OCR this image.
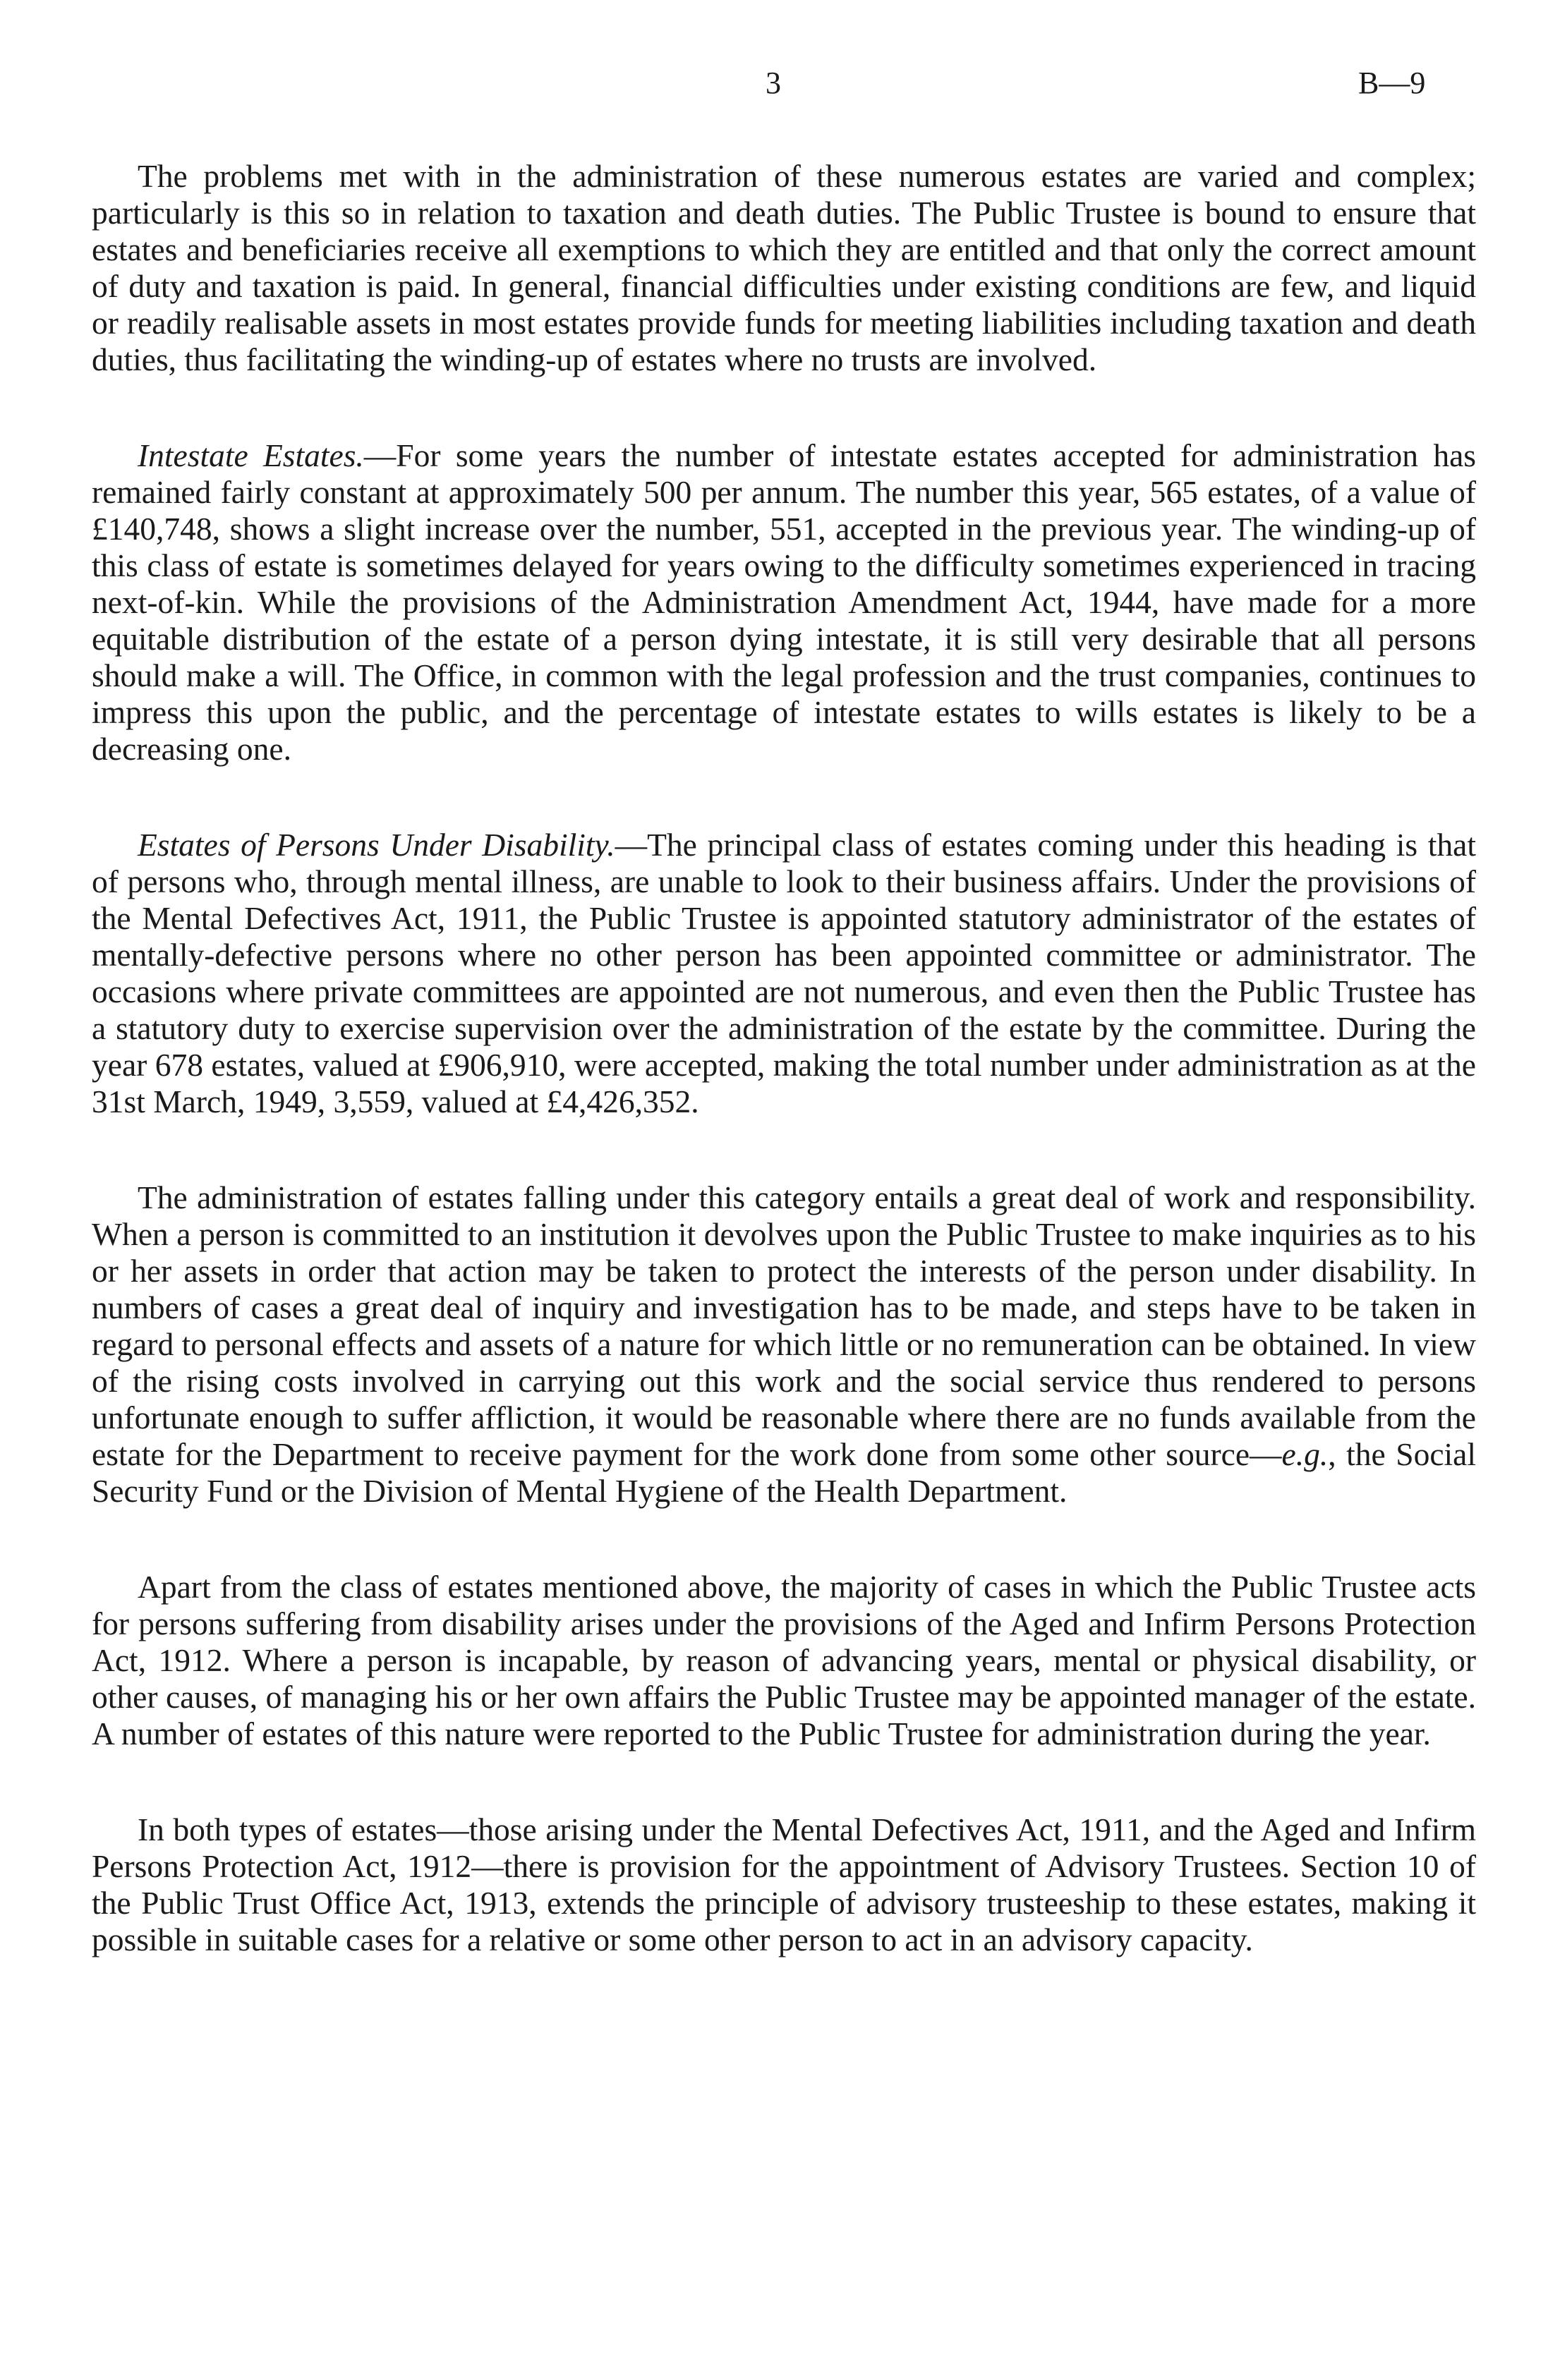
3	B—9

The problems met with in the administration of these numerous estates are varied and complex; particularly is this so in relation to taxation and death duties. The Public Trustee is bound to ensure that estates and beneficiaries receive all exemptions to which they are entitled and that only the correct amount of duty and taxation is paid. In general, financial difficulties under existing conditions are few, and liquid or readily realisable assets in most estates provide funds for meeting liabilities including taxation and death duties, thus facilitating the winding-up of estates where no trusts are involved.

Intestate Estates.—For some years the number of intestate estates accepted for administration has remained fairly constant at approximately 500 per annum. The number this year, 565 estates, of a value of £140,748, shows a slight increase over the number, 551, accepted in the previous year. The winding-up of this class of estate is sometimes delayed for years owing to the difficulty sometimes experienced in tracing next-of-kin. While the provisions of the Administration Amendment Act, 1944, have made for a more equitable distribution of the estate of a person dying intestate, it is still very desirable that all persons should make a will. The Office, in common with the legal profession and the trust companies, continues to impress this upon the public, and the percentage of intestate estates to wills estates is likely to be a decreasing one.

Estates of Persons Under Disability.—The principal class of estates coming under this heading is that of persons who, through mental illness, are unable to look to their business affairs. Under the provisions of the Mental Defectives Act, 1911, the Public Trustee is appointed statutory administrator of the estates of mentally-defective persons where no other person has been appointed committee or administrator. The occasions where private committees are appointed are not numerous, and even then the Public Trustee has a statutory duty to exercise supervision over the administration of the estate by the committee. During the year 678 estates, valued at £906,910, were accepted, making the total number under administration as at the 31st March, 1949, 3,559, valued at £4,426,352.

The administration of estates falling under this category entails a great deal of work and responsibility. When a person is committed to an institution it devolves upon the Public Trustee to make inquiries as to his or her assets in order that action may be taken to protect the interests of the person under disability. In numbers of cases a great deal of inquiry and investigation has to be made, and steps have to be taken in regard to personal effects and assets of a nature for which little or no remuneration can be obtained. In view of the rising costs involved in carrying out this work and the social service thus rendered to persons unfortunate enough to suffer affliction, it would be reasonable where there are no funds available from the estate for the Department to receive payment for the work done from some other source—e.g., the Social Security Fund or the Division of Mental Hygiene of the Health Department.

Apart from the class of estates mentioned above, the majority of cases in which the Public Trustee acts for persons suffering from disability arises under the provisions of the Aged and Infirm Persons Protection Act, 1912. Where a person is incapable, by reason of advancing years, mental or physical disability, or other causes, of managing his or her own affairs the Public Trustee may be appointed manager of the estate. A number of estates of this nature were reported to the Public Trustee for administration during the year.

In both types of estates—those arising under the Mental Defectives Act, 1911, and the Aged and Infirm Persons Protection Act, 1912—there is provision for the appointment of Advisory Trustees. Section 10 of the Public Trust Office Act, 1913, extends the principle of advisory trusteeship to these estates, making it possible in suitable cases for a relative or some other person to act in an advisory capacity.
